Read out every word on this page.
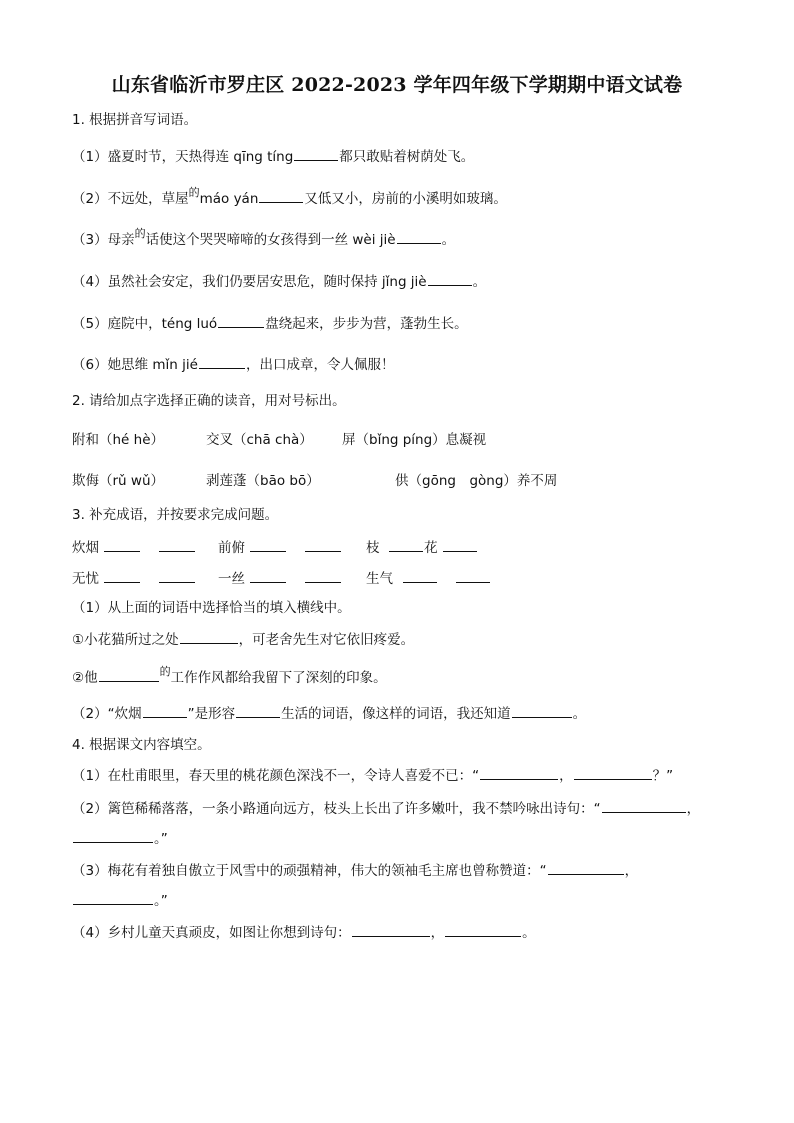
山东省临沂市罗庄区 2022-2023 学年四年级下学期期中语文试卷
1. 根据拼音写词语。
（1）盛夏时节，天热得连 qīng tíng	都只敢贴着树荫处飞。
（2）不远处，草屋$^的$máo yán	又低又小，房前的小溪明如玻璃。
（3）母亲$^的$话使这个哭哭啼啼的女孩得到一丝 wèi jiè	。
（4）虽然社会安定，我们仍要居安思危，随时保持 jǐng jiè	。
（5）庭院中，téng luó	盘绕起来，步步为营，蓬勃生长。
（6）她思维 mǐn jié	，出口成章，令人佩服！
2. 请给加点字选择正确的读音，用对号标出。
附和（hé hè）	交叉（chā chà） 屏（bǐng píng）息凝视
欺侮（rǔ wǔ）	剥莲蓬（bāo bō）	供（gōng　gòng）养不周
3. 补充成语，并按要求完成问题。
炊烟	前俯	枝	花
无忧	一丝	生气
（1）从上面的词语中选择恰当的填入横线中。
①小花猫所过之处	，可老舍先生对它依旧疼爱。
②他	$^的$工作作风都给我留下了深刻的印象。
（2）“炊烟	”是形容	生活的词语，像这样的词语，我还知道	。
4. 根据课文内容填空。
（1）在杜甫眼里，春天里的桃花颜色深浅不一，令诗人喜爱不已：“	，	？”
（2）篱笆稀稀落落，一条小路通向远方，枝头上长出了许多嫩叶，我不禁吟咏出诗句：“	，
。”
（3）梅花有着独自傲立于风雪中的顽强精神，伟大的领袖毛主席也曾称赞道：“	，
。”
（4）乡村儿童天真顽皮，如图让你想到诗句：	，	。
